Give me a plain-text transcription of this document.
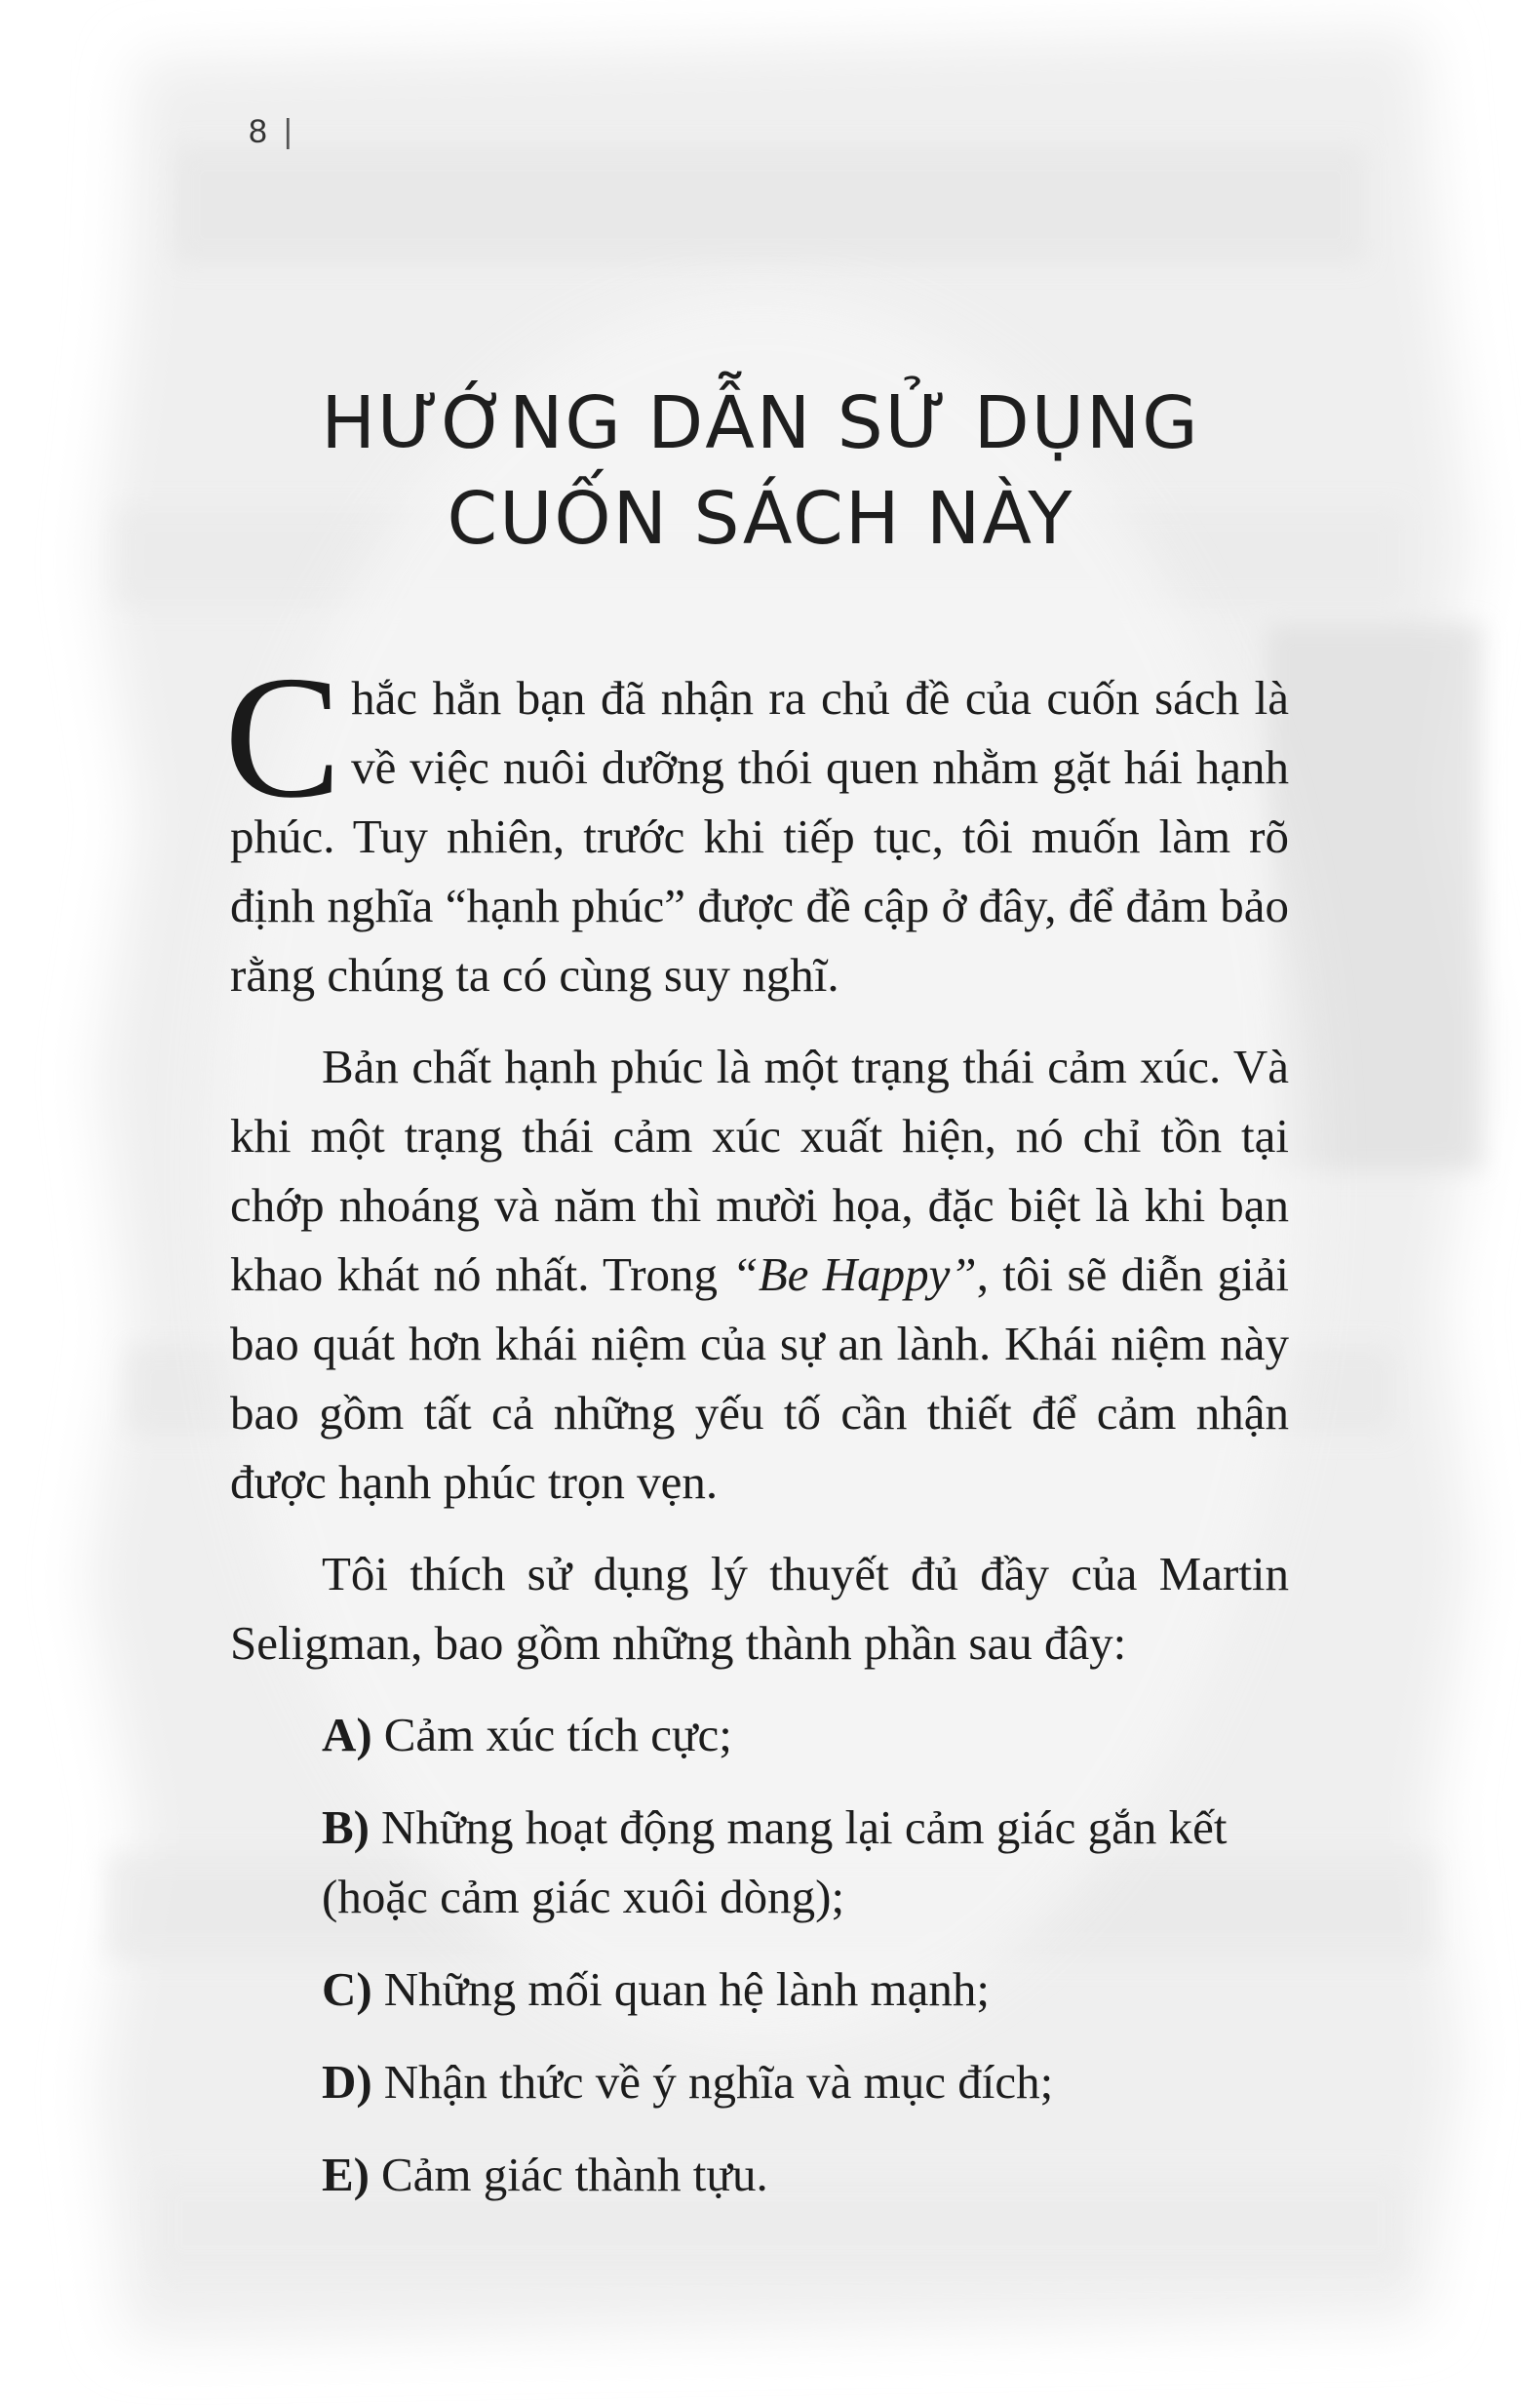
8 |
HƯỚNG DẪN SỬ DỤNG
CUỐN SÁCH NÀY

Chắc hẳn bạn đã nhận ra chủ đề của cuốn sách là về việc nuôi dưỡng thói quen nhằm gặt hái hạnh phúc. Tuy nhiên, trước khi tiếp tục, tôi muốn làm rõ định nghĩa “hạnh phúc” được đề cập ở đây, để đảm bảo rằng chúng ta có cùng suy nghĩ.

Bản chất hạnh phúc là một trạng thái cảm xúc. Và khi một trạng thái cảm xúc xuất hiện, nó chỉ tồn tại chớp nhoáng và năm thì mười họa, đặc biệt là khi bạn khao khát nó nhất. Trong “Be Happy”, tôi sẽ diễn giải bao quát hơn khái niệm của sự an lành. Khái niệm này bao gồm tất cả những yếu tố cần thiết để cảm nhận được hạnh phúc trọn vẹn.

Tôi thích sử dụng lý thuyết đủ đầy của Martin Seligman, bao gồm những thành phần sau đây:

A) Cảm xúc tích cực;
B) Những hoạt động mang lại cảm giác gắn kết (hoặc cảm giác xuôi dòng);
C) Những mối quan hệ lành mạnh;
D) Nhận thức về ý nghĩa và mục đích;
E) Cảm giác thành tựu.
